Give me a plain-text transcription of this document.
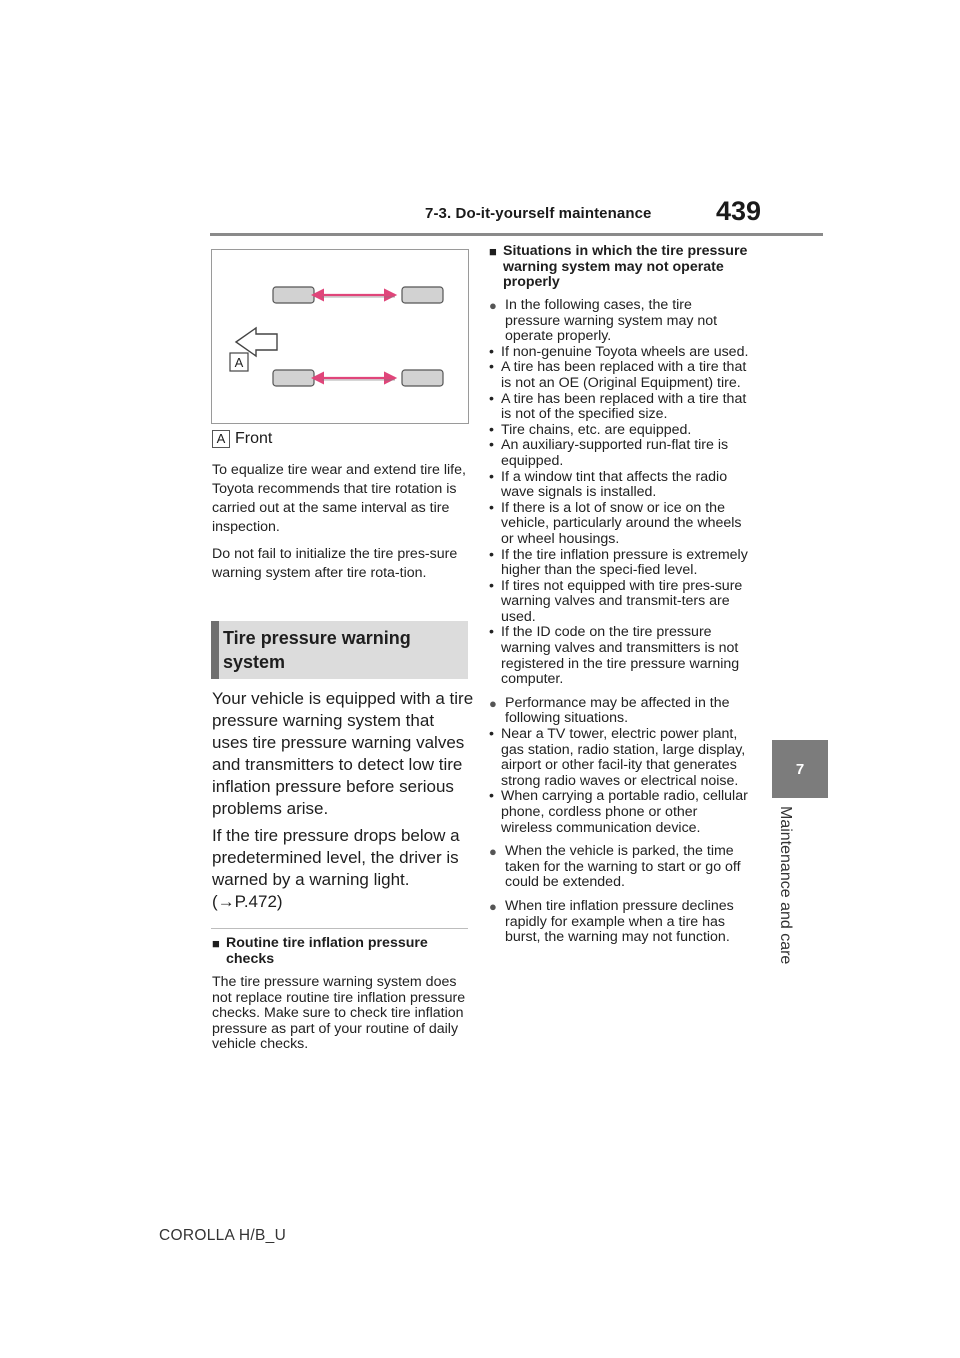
7-3. Do-it-yourself maintenance 439
7
Maintenance and care
A
A Front
To equalize tire wear and extend tire life, Toyota recommends that tire rotation is carried out at the same interval as tire inspection.
Do not fail to initialize the tire pres-sure warning system after tire rota-tion.
Tire pressure warning system
Your vehicle is equipped with a tire pressure warning system that uses tire pressure warning valves and transmitters to detect low tire inflation pressure before serious problems arise.
If the tire pressure drops below a predetermined level, the driver is warned by a warning light. (→P.472)
■ Routine tire inflation pressure checks
The tire pressure warning system does not replace routine tire inflation pressure checks. Make sure to check tire inflation pressure as part of your routine of daily vehicle checks.
■ Situations in which the tire pressure warning system may not operate properly
● In the following cases, the tire pressure warning system may not operate properly.
• If non-genuine Toyota wheels are used.
• A tire has been replaced with a tire that is not an OE (Original Equipment) tire.
• A tire has been replaced with a tire that is not of the specified size.
• Tire chains, etc. are equipped.
• An auxiliary-supported run-flat tire is equipped.
• If a window tint that affects the radio wave signals is installed.
• If there is a lot of snow or ice on the vehicle, particularly around the wheels or wheel housings.
• If the tire inflation pressure is extremely higher than the speci-fied level.
• If tires not equipped with tire pres-sure warning valves and transmit-ters are used.
• If the ID code on the tire pressure warning valves and transmitters is not registered in the tire pressure warning computer.
● Performance may be affected in the following situations.
• Near a TV tower, electric power plant, gas station, radio station, large display, airport or other facil-ity that generates strong radio waves or electrical noise.
• When carrying a portable radio, cellular phone, cordless phone or other wireless communication device.
● When the vehicle is parked, the time taken for the warning to start or go off could be extended.
● When tire inflation pressure declines rapidly for example when a tire has burst, the warning may not function.
COROLLA H/B_U
